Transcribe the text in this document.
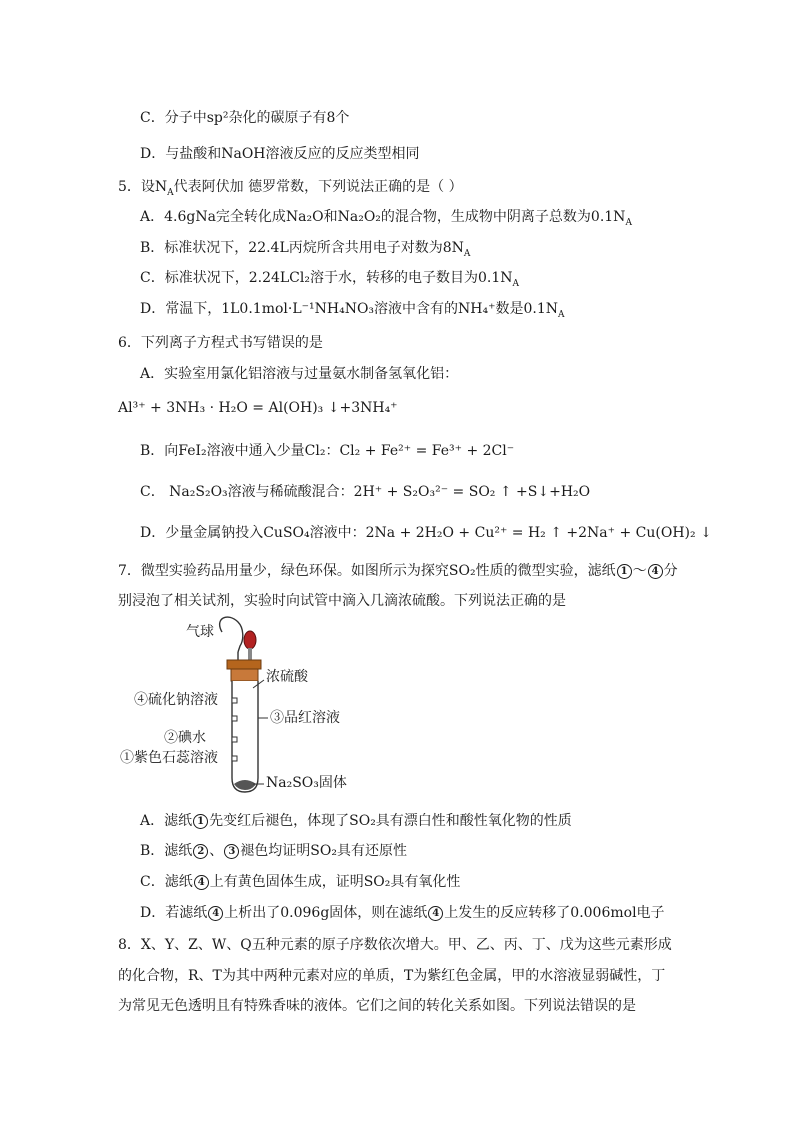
C．分子中sp²杂化的碳原子有8个
D．与盐酸和NaOH溶液反应的反应类型相同
5．设$N_A$代表阿伏加 德罗常数，下列说法正确的是（ ）
A．4.6gNa完全转化成Na₂O和Na₂O₂的混合物，生成物中阴离子总数为$0.1N_A$
B．标准状况下，22.4L丙烷所含共用电子对数为$8N_A$
C．标准状况下，2.24LCl₂溶于水，转移的电子数目为$0.1N_A$
D．常温下，1L0.1mol·L⁻¹NH₄NO₃溶液中含有的NH₄⁺数是$0.1N_A$
6．下列离子方程式书写错误的是
A．实验室用氯化铝溶液与过量氨水制备氢氧化铝：
Al³⁺ + 3NH₃ · H₂O = Al(OH)₃ ↓+3NH₄⁺
B．向FeI₂溶液中通入少量Cl₂：Cl₂ + Fe²⁺ = Fe³⁺ + 2Cl⁻
C． Na₂S₂O₃溶液与稀硫酸混合：2H⁺ + S₂O₃²⁻ = SO₂ ↑ +S↓+H₂O
D．少量金属钠投入CuSO₄溶液中：2Na + 2H₂O + Cu²⁺ = H₂ ↑ +2Na⁺ + Cu(OH)₂ ↓
7．微型实验药品用量少，绿色环保。如图所示为探究SO₂性质的微型实验，滤纸 1 ～ 4 分
别浸泡了相关试剂，实验时向试管中滴入几滴浓硫酸。下列说法正确的是
气球
浓硫酸
④硫化钠溶液
③品红溶液
②碘水
①紫色石蕊溶液
Na₂SO₃固体
A．滤纸 1 先变红后褪色，体现了SO₂具有漂白性和酸性氧化物的性质
B．滤纸 2 、 3 褪色均证明SO₂具有还原性
C．滤纸 4 上有黄色固体生成，证明SO₂具有氧化性
D．若滤纸 4 上析出了0.096g固体，则在滤纸 4 上发生的反应转移了0.006mol电子
8．X、Y、Z、W、Q五种元素的原子序数依次增大。甲、乙、丙、丁、戊为这些元素形成
的化合物，R、T为其中两种元素对应的单质，T为紫红色金属，甲的水溶液显弱碱性，丁
为常见无色透明且有特殊香味的液体。它们之间的转化关系如图。下列说法错误的是
